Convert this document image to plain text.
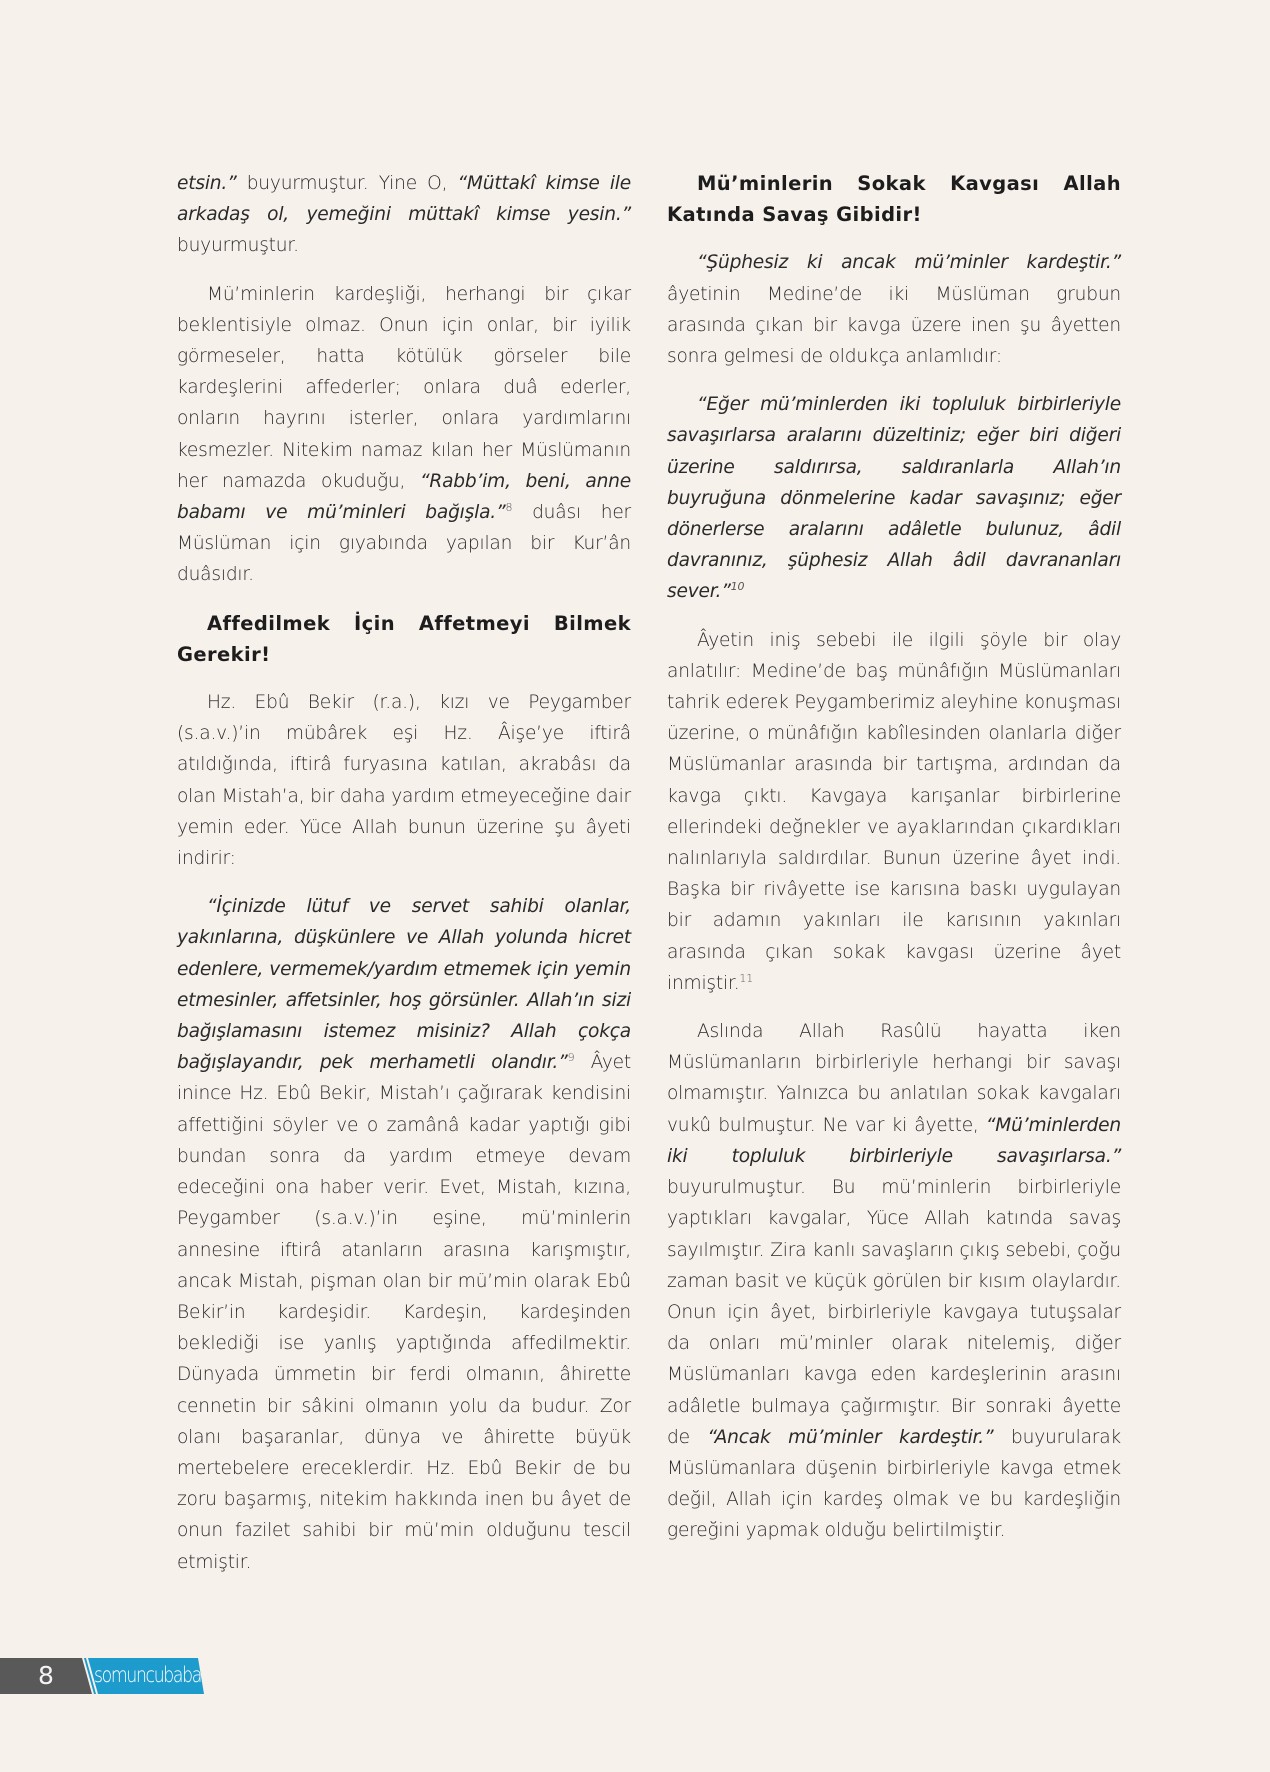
etsin.” buyurmuştur. Yine O, “Müttakî kimse ile arkadaş ol, yemeğini müttakî kimse yesin.” buyurmuştur.

Mü’minlerin kardeşliği, herhangi bir çıkar beklentisiyle olmaz. Onun için onlar, bir iyilik görmeseler, hatta kötülük görseler bile kardeşlerini affederler; onlara duâ ederler, onların hayrını isterler, onlara yardımlarını kesmezler. Nitekim namaz kılan her Müslümanın her namazda okuduğu, “Rabb’im, beni, anne babamı ve mü’minleri bağışla.”$^8$ duâsı her Müslüman için gıyabında yapılan bir Kur’ân duâsıdır.

Affedilmek İçin Affetmeyi Bilmek Gerekir!

Hz. Ebû Bekir (r.a.), kızı ve Peygamber (s.a.v.)’in mübârek eşi Hz. Âişe’ye iftirâ atıldığında, iftirâ furyasına katılan, akrabâsı da olan Mistah’a, bir daha yardım etmeyeceğine dair yemin eder. Yüce Allah bunun üzerine şu âyeti indirir:

“İçinizde lütuf ve servet sahibi olanlar, yakınlarına, düşkünlere ve Allah yolunda hicret edenlere, vermemek/yardım etmemek için yemin etmesinler, affetsinler, hoş görsünler. Allah’ın sizi bağışlamasını istemez misiniz? Allah çokça bağışlayandır, pek merhametli olandır.”$^9$ Âyet inince Hz. Ebû Bekir, Mistah’ı çağırarak kendisini affettiğini söyler ve o zamânâ kadar yaptığı gibi bundan sonra da yardım etmeye devam edeceğini ona haber verir. Evet, Mistah, kızına, Peygamber (s.a.v.)’in eşine, mü’minlerin annesine iftirâ atanların arasına karışmıştır, ancak Mistah, pişman olan bir mü’min olarak Ebû Bekir’in kardeşidir. Kardeşin, kardeşinden beklediği ise yanlış yaptığında affedilmektir. Dünyada ümmetin bir ferdi olmanın, âhirette cennetin bir sâkini olmanın yolu da budur. Zor olanı başaranlar, dünya ve âhirette büyük mertebelere ereceklerdir. Hz. Ebû Bekir de bu zoru başarmış, nitekim hakkında inen bu âyet de onun fazilet sahibi bir mü’min olduğunu tescil etmiştir.

Mü’minlerin Sokak Kavgası Allah Katında Savaş Gibidir!

“Şüphesiz ki ancak mü’minler kardeştir.” âyetinin Medine’de iki Müslüman grubun arasında çıkan bir kavga üzere inen şu âyetten sonra gelmesi de oldukça anlamlıdır:

“Eğer mü’minlerden iki topluluk birbirleriyle savaşırlarsa aralarını düzeltiniz; eğer biri diğeri üzerine saldırırsa, saldıranlarla Allah’ın buyruğuna dönmelerine kadar savaşınız; eğer dönerlerse aralarını adâletle bulunuz, âdil davranınız, şüphesiz Allah âdil davrananları sever.”$^{10}$

Âyetin iniş sebebi ile ilgili şöyle bir olay anlatılır: Medine’de baş münâfığın Müslümanları tahrik ederek Peygamberimiz aleyhine konuşması üzerine, o münâfığın kabîlesinden olanlarla diğer Müslümanlar arasında bir tartışma, ardından da kavga çıktı. Kavgaya karışanlar birbirlerine ellerindeki değnekler ve ayaklarından çıkardıkları nalınlarıyla saldırdılar. Bunun üzerine âyet indi. Başka bir rivâyette ise karısına baskı uygulayan bir adamın yakınları ile karısının yakınları arasında çıkan sokak kavgası üzerine âyet inmiştir.$^{11}$

Aslında Allah Rasûlü hayatta iken Müslümanların birbirleriyle herhangi bir savaşı olmamıştır. Yalnızca bu anlatılan sokak kavgaları vukû bulmuştur. Ne var ki âyette, “Mü’minlerden iki topluluk birbirleriyle savaşırlarsa.” buyurulmuştur. Bu mü’minlerin birbirleriyle yaptıkları kavgalar, Yüce Allah katında savaş sayılmıştır. Zira kanlı savaşların çıkış sebebi, çoğu zaman basit ve küçük görülen bir kısım olaylardır. Onun için âyet, birbirleriyle kavgaya tutuşsalar da onları mü’minler olarak nitelemiş, diğer Müslümanları kavga eden kardeşlerinin arasını adâletle bulmaya çağırmıştır. Bir sonraki âyette de “Ancak mü’minler kardeştir.” buyurularak Müslümanlara düşenin birbirleriyle kavga etmek değil, Allah için kardeş olmak ve bu kardeşliğin gereğini yapmak olduğu belirtilmiştir.

8 somuncubaba
